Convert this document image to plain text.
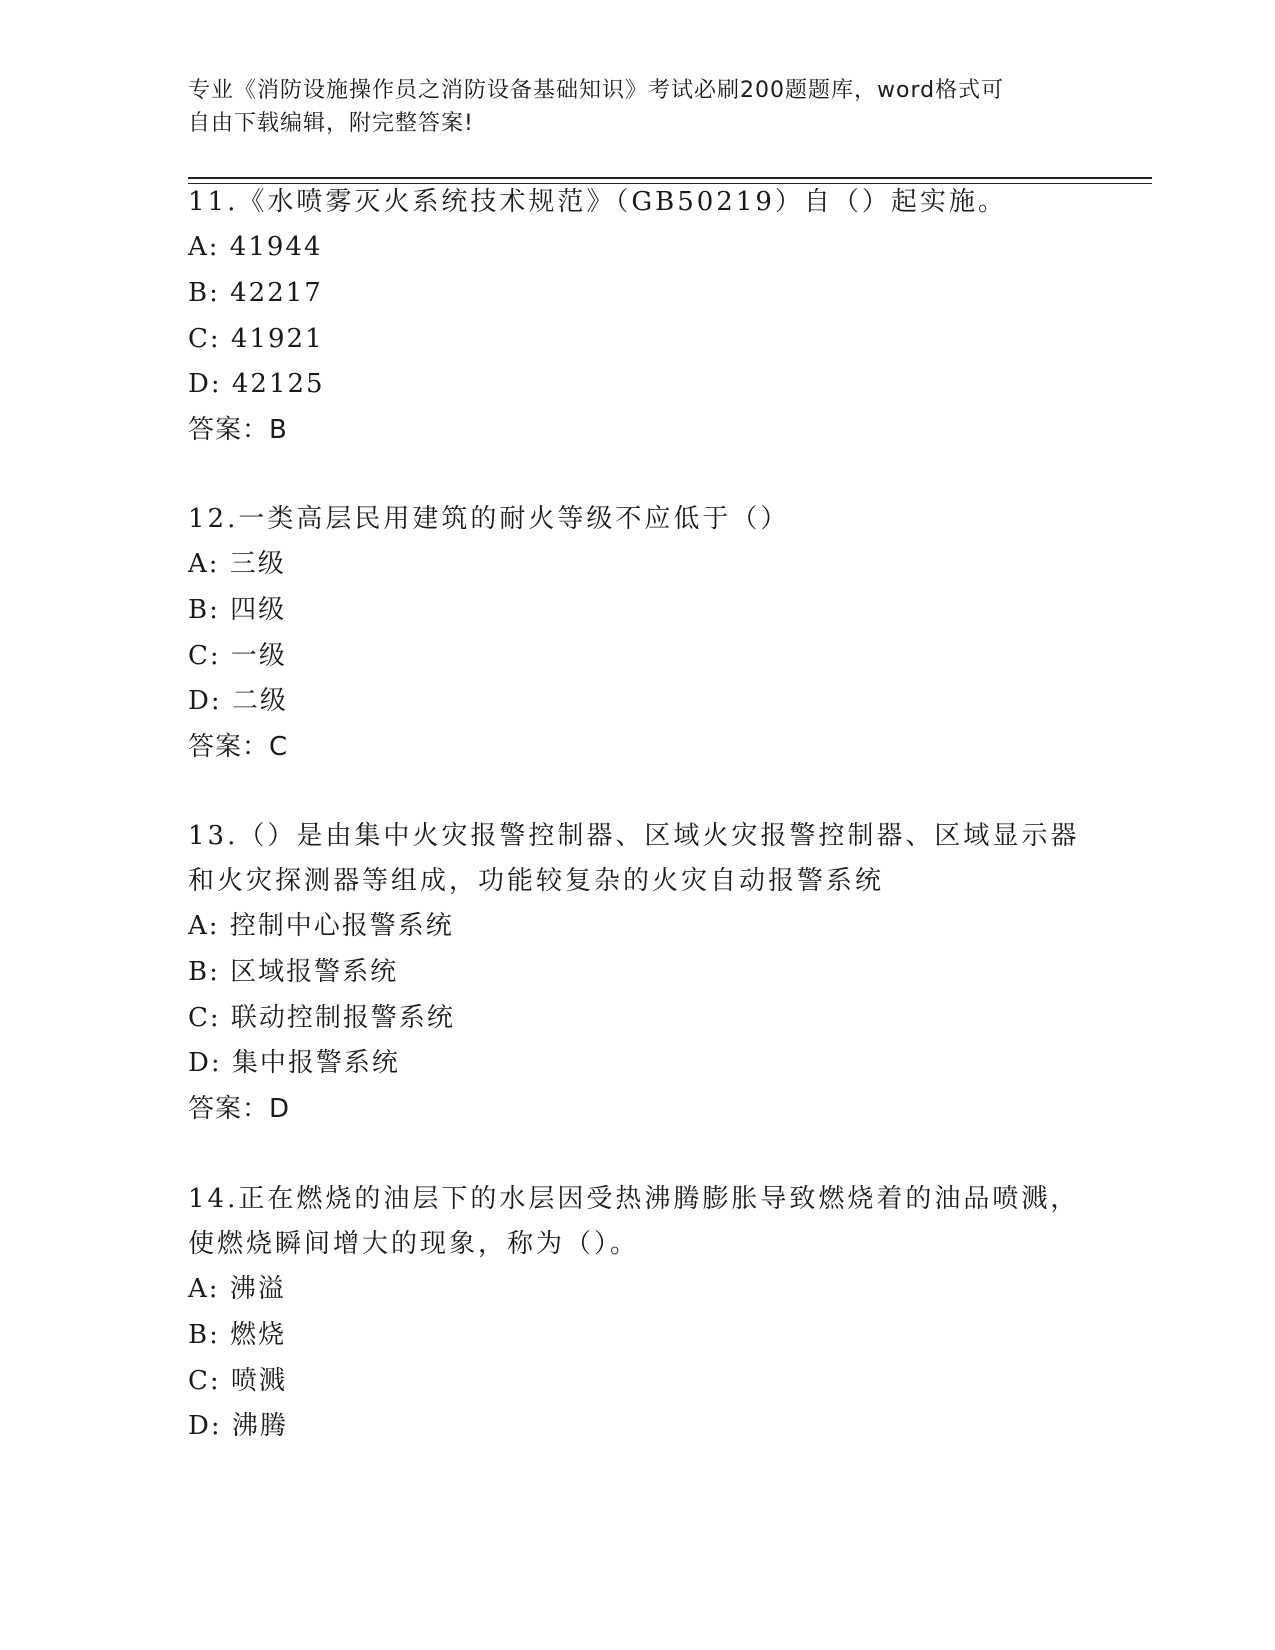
专业《消防设施操作员之消防设备基础知识》考试必刷200题题库，word格式可
自由下载编辑，附完整答案!

11.《水喷雾灭火系统技术规范》（GB50219）自（）起实施。

A: 41944

B: 42217

C: 41921

D: 42125

答案：B

12.一类高层民用建筑的耐火等级不应低于（）

A: 三级

B: 四级

C: 一级

D: 二级

答案：C

13.（）是由集中火灾报警控制器、区域火灾报警控制器、区域显示器

和火灾探测器等组成，功能较复杂的火灾自动报警系统

A: 控制中心报警系统

B: 区域报警系统

C: 联动控制报警系统

D: 集中报警系统

答案：D

14.正在燃烧的油层下的水层因受热沸腾膨胀导致燃烧着的油品喷溅，

使燃烧瞬间增大的现象，称为（）。

A: 沸溢

B: 燃烧

C: 喷溅

D: 沸腾
